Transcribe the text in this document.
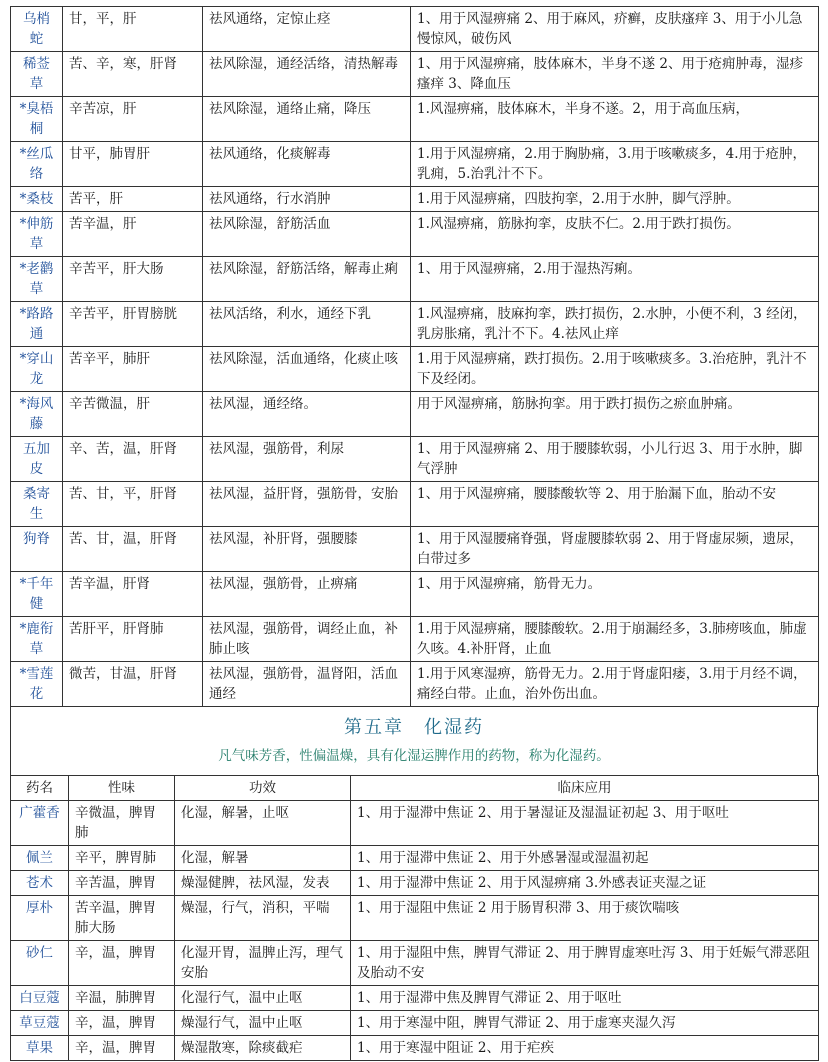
乌梢蛇	甘，平，肝	祛风通络，定惊止痉	1、用于风湿痹痛 2、用于麻风，疥癣，皮肤瘙痒 3、用于小儿急慢惊风，破伤风
稀莶草	苦、辛，寒，肝肾	祛风除湿，通经活络，清热解毒	1、用于风湿痹痛，肢体麻木，半身不遂 2、用于疮痈肿毒，湿疹瘙痒 3、降血压
*臭梧桐	辛苦凉，肝	祛风除湿，通络止痛，降压	1.风湿痹痛，肢体麻木，半身不遂。2，用于高血压病，
*丝瓜络	甘平，肺胃肝	祛风通络，化痰解毒	1.用于风湿痹痛，2.用于胸胁痛，3.用于咳嗽痰多，4.用于疮肿，乳痈，5.治乳汁不下。
*桑枝	苦平，肝	祛风通络，行水消肿	1.用于风湿痹痛，四肢拘挛，2.用于水肿，脚气浮肿。
*伸筋草	苦辛温，肝	祛风除湿，舒筋活血	1.风湿痹痛，筋脉拘挛，皮肤不仁。2.用于跌打损伤。
*老鹳草	辛苦平，肝大肠	祛风除湿，舒筋活络，解毒止痢	1、用于风湿痹痛，2.用于湿热泻痢。
*路路通	辛苦平，肝胃膀胱	祛风活络，利水，通经下乳	1.风湿痹痛，肢麻拘挛，跌打损伤，2.水肿，小便不利，3 经闭，乳房胀痛，乳汁不下。4.祛风止痒
*穿山龙	苦辛平，肺肝	祛风除湿，活血通络，化痰止咳	1.用于风湿痹痛，跌打损伤。2.用于咳嗽痰多。3.治疮肿，乳汁不下及经闭。
*海风藤	辛苦微温，肝	祛风湿，通经络。	用于风湿痹痛，筋脉拘挛。用于跌打损伤之瘀血肿痛。
五加皮	辛、苦，温，肝肾	祛风湿，强筋骨，利尿	1、用于风湿痹痛 2、用于腰膝软弱，小儿行迟 3、用于水肿，脚气浮肿
桑寄生	苦、甘，平，肝肾	祛风湿，益肝肾，强筋骨，安胎	1、用于风湿痹痛，腰膝酸软等 2、用于胎漏下血，胎动不安
狗脊	苦、甘，温，肝肾	祛风湿，补肝肾，强腰膝	1、用于风湿腰痛脊强，肾虚腰膝软弱 2、用于肾虚尿频，遗尿，白带过多
*千年健	苦辛温，肝肾	祛风湿，强筋骨，止痹痛	1、用于风湿痹痛，筋骨无力。
*鹿衔草	苦肝平，肝肾肺	祛风湿，强筋骨，调经止血，补肺止咳	1.用于风湿痹痛，腰膝酸软。2.用于崩漏经多，3.肺痨咳血，肺虚久咳。4.补肝肾，止血
*雪莲花	微苦，甘温，肝肾	祛风湿，强筋骨，温肾阳，活血通经	1.用于风寒湿痹，筋骨无力。2.用于肾虚阳痿，3.用于月经不调，痛经白带。止血，治外伤出血。
第五章　化湿药
凡气味芳香，性偏温燥，具有化湿运脾作用的药物，称为化湿药。
药名	性味	功效	临床应用
广藿香	辛微温，脾胃肺	化湿，解暑，止呕	1、用于湿滞中焦证 2、用于暑湿证及湿温证初起 3、用于呕吐
佩兰	辛平，脾胃肺	化湿，解暑	1、用于湿滞中焦证 2、用于外感暑湿或湿温初起
苍术	辛苦温，脾胃	燥湿健脾，祛风湿，发表	1、用于湿滞中焦证 2、用于风湿痹痛 3.外感表证夹湿之证
厚朴	苦辛温，脾胃肺大肠	燥湿，行气，消积，平喘	1、用于湿阻中焦证 2 用于肠胃积滞 3、用于痰饮喘咳
砂仁	辛，温，脾胃	化湿开胃，温脾止泻，理气安胎	1、用于湿阻中焦，脾胃气滞证 2、用于脾胃虚寒吐泻 3、用于妊娠气滞恶阻及胎动不安
白豆蔻	辛温，肺脾胃	化湿行气，温中止呕	1、用于湿滞中焦及脾胃气滞证 2、用于呕吐
草豆蔻	辛，温，脾胃	燥湿行气，温中止呕	1、用于寒湿中阻，脾胃气滞证 2、用于虚寒夹湿久泻
草果	辛，温，脾胃	燥湿散寒，除痰截疟	1、用于寒湿中阻证 2、用于疟疾
